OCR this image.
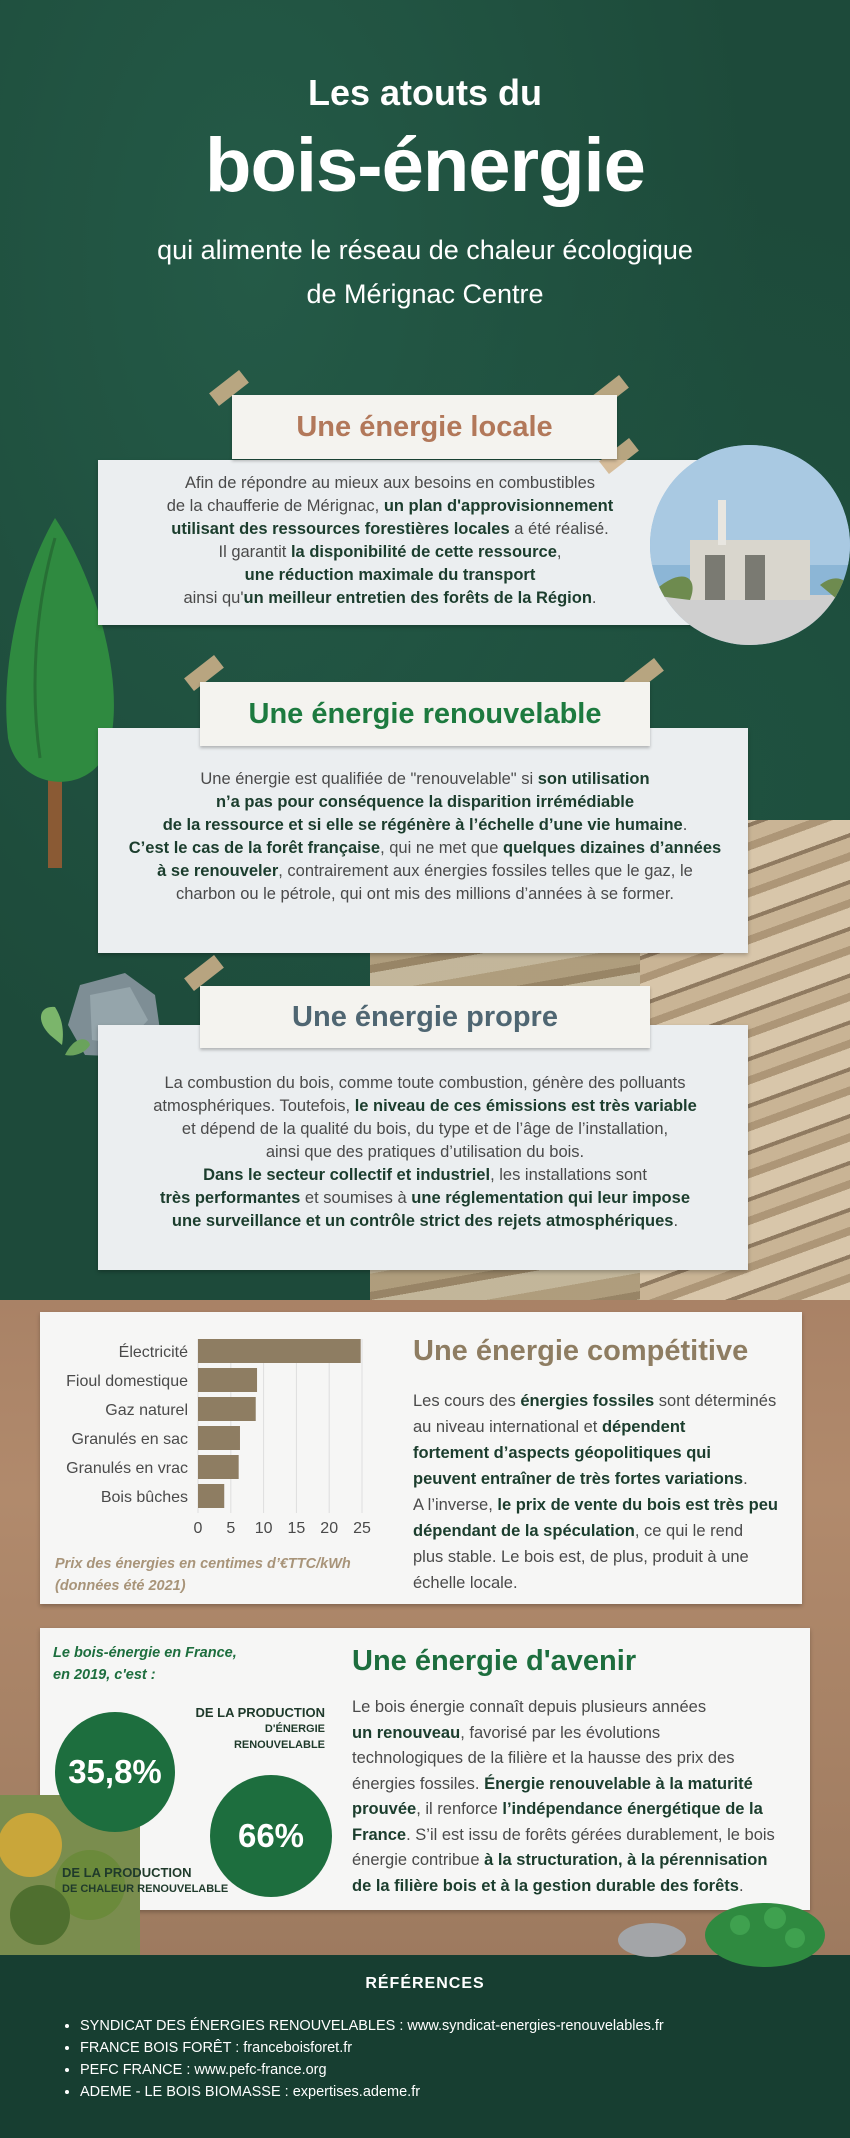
Les atouts du
bois-énergie
qui alimente le réseau de chaleur écologique
de Mérignac Centre
Une énergie locale
Afin de répondre au mieux aux besoins en combustibles
de la chaufferie de Mérignac, un plan d'approvisionnement
utilisant des ressources forestières locales a été réalisé.
Il garantit la disponibilité de cette ressource,
une réduction maximale du transport
ainsi qu'un meilleur entretien des forêts de la Région.
Une énergie renouvelable
Une énergie est qualifiée de "renouvelable" si son utilisation
n’a pas pour conséquence la disparition irrémédiable
de la ressource et si elle se régénère à l’échelle d’une vie humaine.
C’est le cas de la forêt française, qui ne met que quelques dizaines d’années
à se renouveler, contrairement aux énergies fossiles telles que le gaz, le
charbon ou le pétrole, qui ont mis des millions d’années à se former.
Une énergie propre
La combustion du bois, comme toute combustion, génère des polluants
atmosphériques. Toutefois, le niveau de ces émissions est très variable
et dépend de la qualité du bois, du type et de l’âge de l’installation,
ainsi que des pratiques d’utilisation du bois.
Dans le secteur collectif et industriel, les installations sont
très performantes et soumises à une réglementation qui leur impose
une surveillance et un contrôle strict des rejets atmosphériques.
0 5 10 15 20 25
Électricité
Fioul domestique
Gaz naturel
Granulés en sac
Granulés en vrac
Bois bûches
Prix des énergies en centimes d’€TTC/kWh
(données été 2021)
Une énergie compétitive
Les cours des énergies fossiles sont déterminés
au niveau international et dépendent
fortement d’aspects géopolitiques qui
peuvent entraîner de très fortes variations.
A l’inverse, le prix de vente du bois est très peu
dépendant de la spéculation, ce qui le rend
plus stable. Le bois est, de plus, produit à une
échelle locale.
Le bois-énergie en France,
en 2019, c'est :
DE LA PRODUCTION
D'ÉNERGIE RENOUVELABLE
35,8%
66%
DE LA PRODUCTION
DE CHALEUR RENOUVELABLE
Une énergie d'avenir
Le bois énergie connaît depuis plusieurs années
un renouveau, favorisé par les évolutions
technologiques de la filière et la hausse des prix des
énergies fossiles. Énergie renouvelable à la maturité
prouvée, il renforce l’indépendance énergétique de la
France. S’il est issu de forêts gérées durablement, le bois
énergie contribue à la structuration, à la pérennisation
de la filière bois et à la gestion durable des forêts.
RÉFÉRENCES
• SYNDICAT DES ÉNERGIES RENOUVELABLES : www.syndicat-energies-renouvelables.fr
• FRANCE BOIS FORÊT : franceboisforet.fr
• PEFC FRANCE : www.pefc-france.org
• ADEME - LE BOIS BIOMASSE : expertises.ademe.fr
